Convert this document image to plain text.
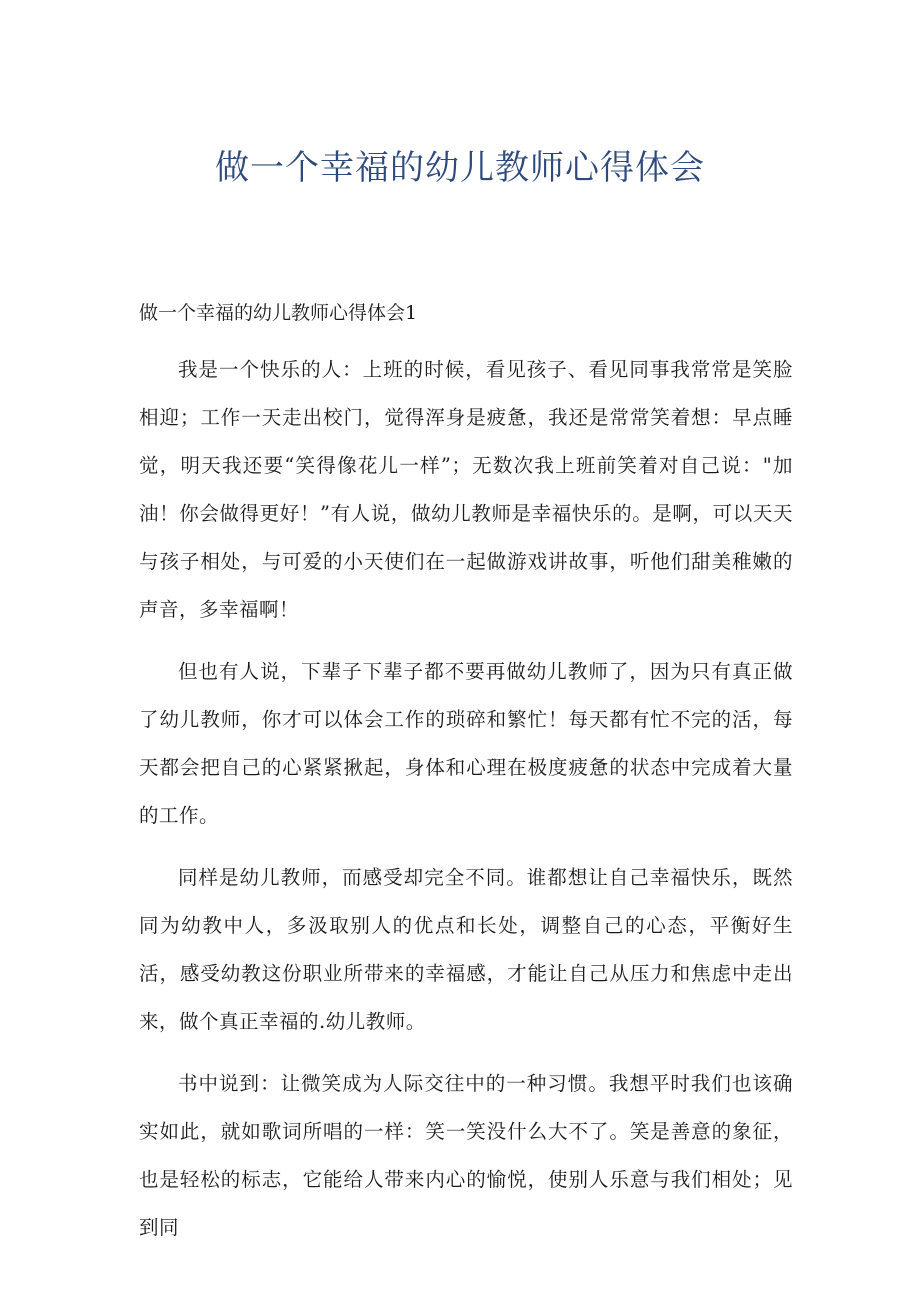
做一个幸福的幼儿教师心得体会

做一个幸福的幼儿教师心得体会1

我是一个快乐的人：上班的时候，看见孩子、看见同事我常常是笑脸相迎；工作一天走出校门，觉得浑身是疲惫，我还是常常笑着想：早点睡觉，明天我还要“笑得像花儿一样”；无数次我上班前笑着对自己说："加油！你会做得更好！”有人说，做幼儿教师是幸福快乐的。是啊，可以天天与孩子相处，与可爱的小天使们在一起做游戏讲故事，听他们甜美稚嫩的声音，多幸福啊！

但也有人说，下辈子下辈子都不要再做幼儿教师了，因为只有真正做了幼儿教师，你才可以体会工作的琐碎和繁忙！每天都有忙不完的活，每天都会把自己的心紧紧揪起，身体和心理在极度疲惫的状态中完成着大量的工作。

同样是幼儿教师，而感受却完全不同。谁都想让自己幸福快乐，既然同为幼教中人，多汲取别人的优点和长处，调整自己的心态，平衡好生活，感受幼教这份职业所带来的幸福感，才能让自己从压力和焦虑中走出来，做个真正幸福的.幼儿教师。

书中说到：让微笑成为人际交往中的一种习惯。我想平时我们也该确实如此，就如歌词所唱的一样：笑一笑没什么大不了。笑是善意的象征，也是轻松的标志，它能给人带来内心的愉悦，使别人乐意与我们相处；见到同
